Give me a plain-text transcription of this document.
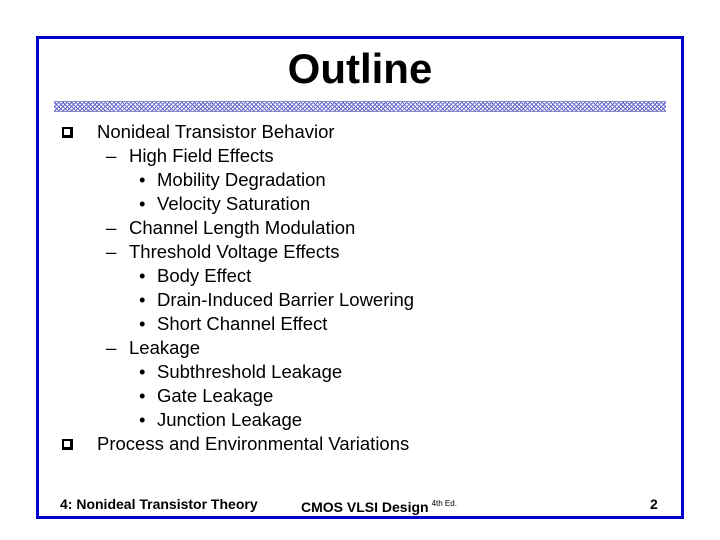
Outline
Nonideal Transistor Behavior
– High Field Effects
• Mobility Degradation
• Velocity Saturation
– Channel Length Modulation
– Threshold Voltage Effects
• Body Effect
• Drain-Induced Barrier Lowering
• Short Channel Effect
– Leakage
• Subthreshold Leakage
• Gate Leakage
• Junction Leakage
Process and Environmental Variations
4: Nonideal Transistor Theory	CMOS VLSI Design $^{4th Ed.}$	2
